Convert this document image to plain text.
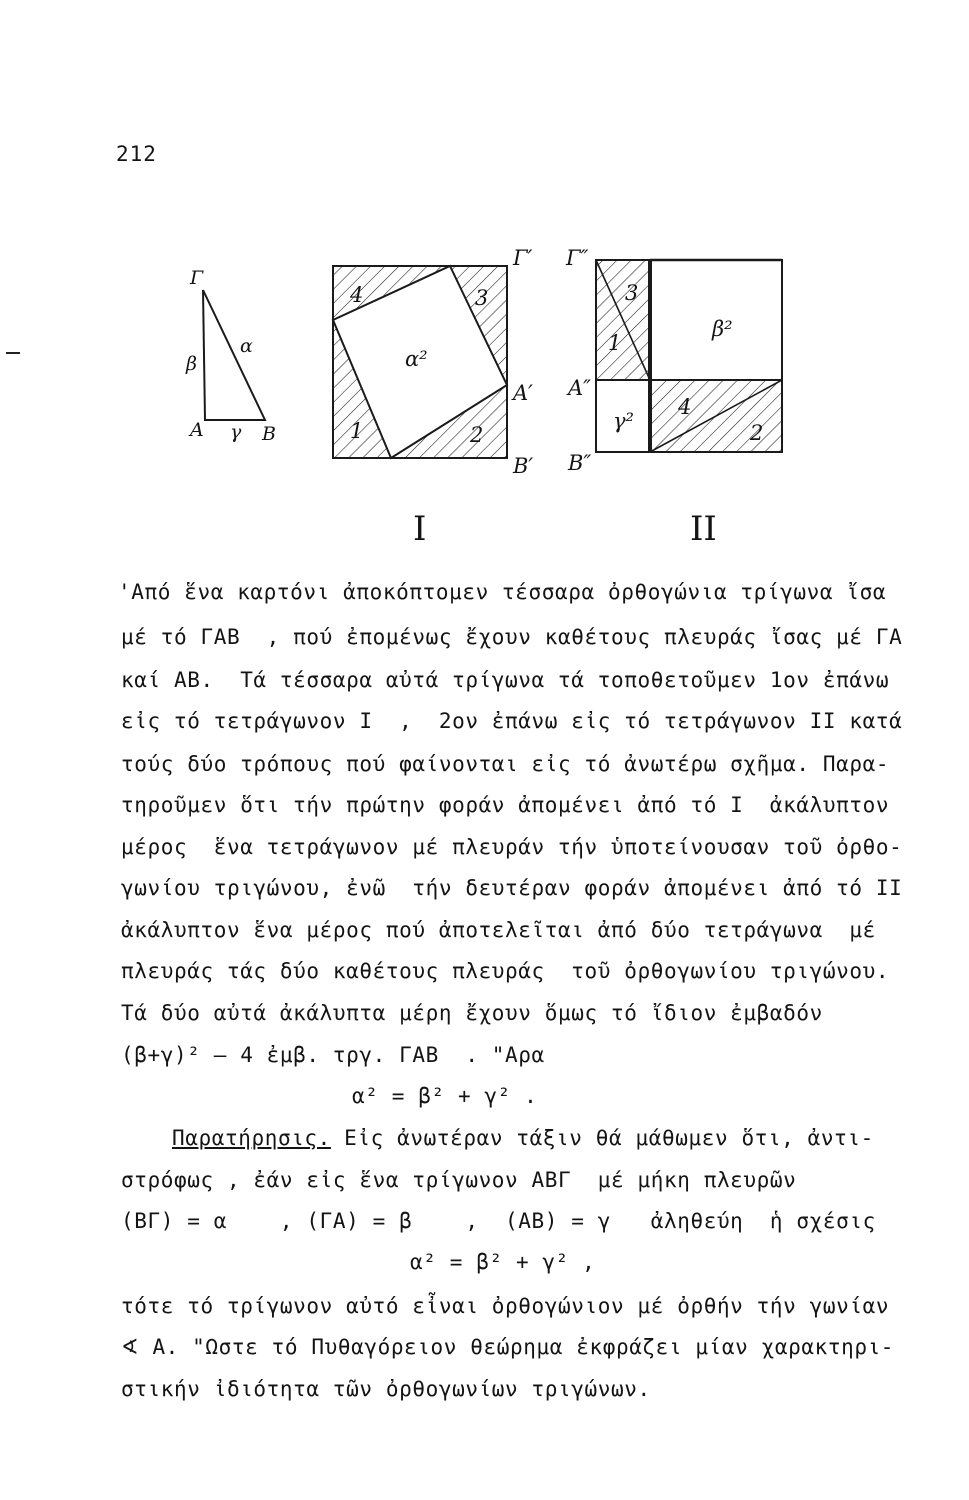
212
Γ
Α	Β
β
α
γ
α²
4	3
1	2
Γ′
Α′
Β′
I
β²
γ²
3
1
4
2
Γ″
Α″
Β″
II
'Από ἕνα καρτόνι ἀποκόπτομεν τέσσαρα ὀρθογώνια τρίγωνα ἴσα
μέ τό ΓΑΒ  , πού ἐπομένως ἔχουν καθέτους πλευράς ἴσας μέ ΓΑ
καί ΑΒ.  Τά τέσσαρα αὐτά τρίγωνα τά τοποθετοῦμεν 1ον ἐπάνω
εἰς τό τετράγωνον Ι  ,  2ον ἐπάνω εἰς τό τετράγωνον ΙΙ κατά
τούς δύο τρόπους πού φαίνονται εἰς τό ἀνωτέρω σχῆμα. Παρα-
τηροῦμεν ὅτι τήν πρώτην φοράν ἀπομένει ἀπό τό Ι  ἀκάλυπτον
μέρος  ἕνα τετράγωνον μέ πλευράν τήν ὑποτείνουσαν τοῦ ὀρθο-
γωνίου τριγώνου, ἐνῶ  τήν δευτέραν φοράν ἀπομένει ἀπό τό ΙΙ
ἀκάλυπτον ἕνα μέρος πού ἀποτελεῖται ἀπό δύο τετράγωνα  μέ
πλευράς τάς δύο καθέτους πλευράς  τοῦ ὀρθογωνίου τριγώνου.
Τά δύο αὐτά ἀκάλυπτα μέρη ἔχουν ὅμως τό ἴδιον ἐμβαδόν
(β+γ)² – 4 ἐμβ. τργ. ΓΑΒ  . "Αρα
α² = β² + γ² .
Παρατήρησις. Εἰς ἀνωτέραν τάξιν θά μάθωμεν ὅτι, ἀντι-
στρόφως , ἐάν εἰς ἕνα τρίγωνον ΑΒΓ  μέ μήκη πλευρῶν
(ΒΓ) = α    , (ΓΑ) = β    ,  (ΑΒ) = γ   ἀληθεύη  ἡ σχέσις
α² = β² + γ² ,
τότε τό τρίγωνον αὐτό εἶναι ὀρθογώνιον μέ ὀρθήν τήν γωνίαν
∢ Α. "Ωστε τό Πυθαγόρειον θεώρημα ἐκφράζει μίαν χαρακτηρι-
στικήν ἰδιότητα τῶν ὀρθογωνίων τριγώνων.
